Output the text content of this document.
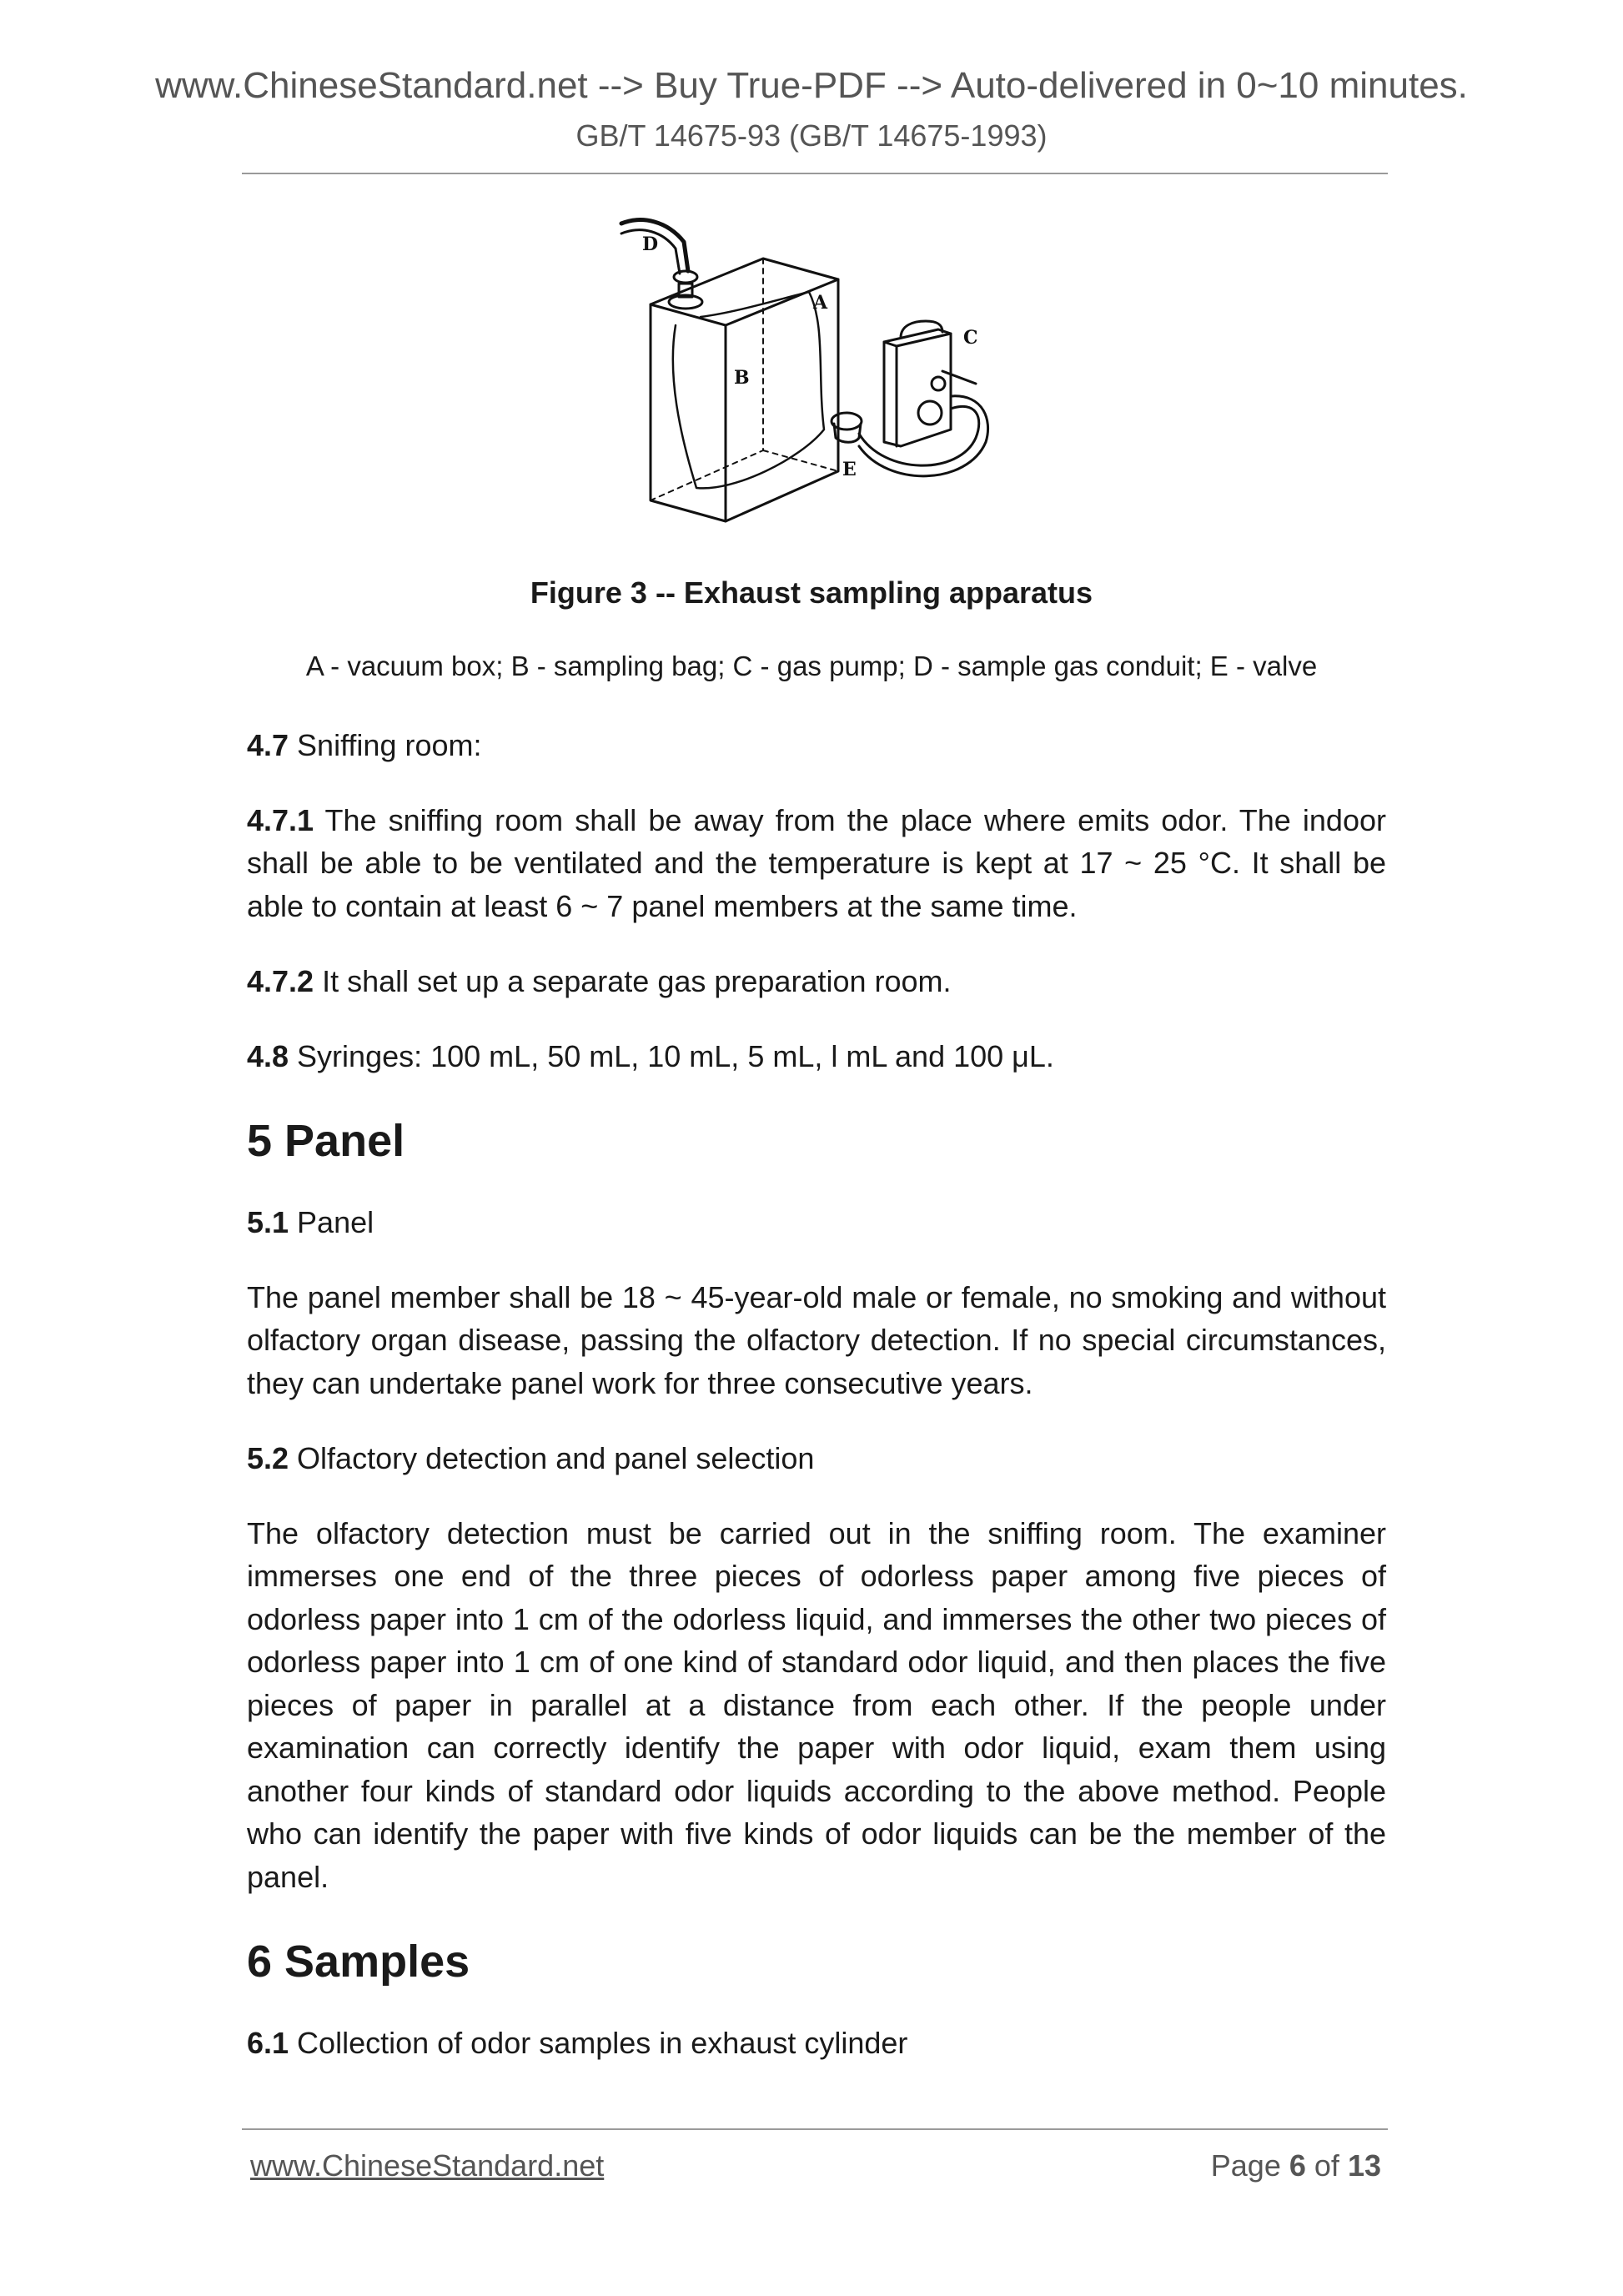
www.ChineseStandard.net --> Buy True-PDF --> Auto-delivered in 0~10 minutes.
GB/T 14675-93 (GB/T 14675-1993)
D
A
C
B
E
Figure 3 -- Exhaust sampling apparatus
A - vacuum box; B - sampling bag; C - gas pump; D - sample gas conduit; E - valve

4.7 Sniffing room:

4.7.1 The sniffing room shall be away from the place where emits odor. The indoor shall be able to be ventilated and the temperature is kept at 17 ~ 25 °C. It shall be able to contain at least 6 ~ 7 panel members at the same time.

4.7.2 It shall set up a separate gas preparation room.

4.8 Syringes: 100 mL, 50 mL, 10 mL, 5 mL, l mL and 100 μL.

5 Panel

5.1 Panel

The panel member shall be 18 ~ 45-year-old male or female, no smoking and without olfactory organ disease, passing the olfactory detection. If no special circumstances, they can undertake panel work for three consecutive years.

5.2 Olfactory detection and panel selection

The olfactory detection must be carried out in the sniffing room. The examiner immerses one end of the three pieces of odorless paper among five pieces of odorless paper into 1 cm of the odorless liquid, and immerses the other two pieces of odorless paper into 1 cm of one kind of standard odor liquid, and then places the five pieces of paper in parallel at a distance from each other. If the people under examination can correctly identify the paper with odor liquid, exam them using another four kinds of standard odor liquids according to the above method. People who can identify the paper with five kinds of odor liquids can be the member of the panel.

6 Samples

6.1 Collection of odor samples in exhaust cylinder

www.ChineseStandard.net	Page 6 of 13
